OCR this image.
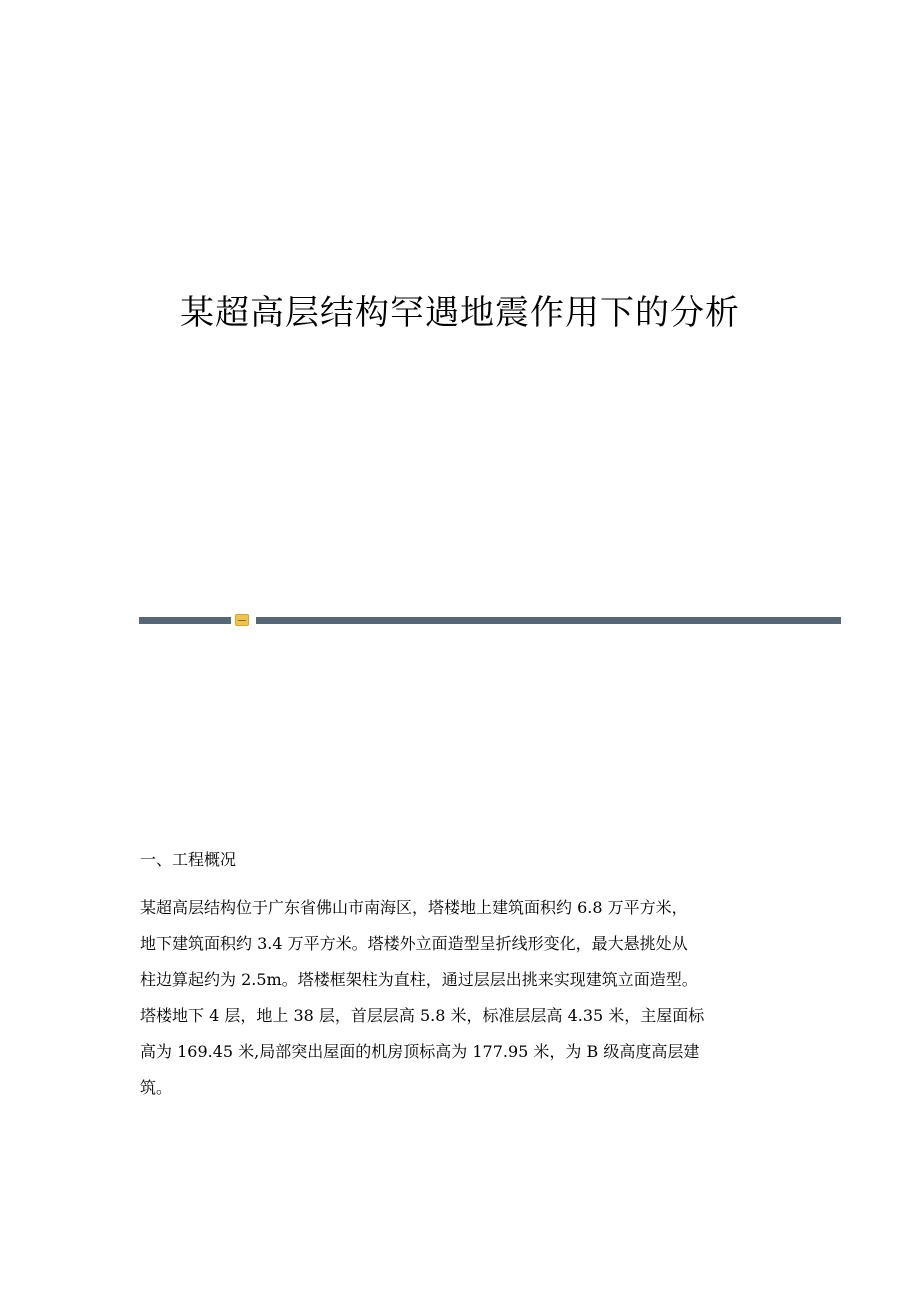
某超高层结构罕遇地震作用下的分析
一、工程概况
某超高层结构位于广东省佛山市南海区，塔楼地上建筑面积约 6.8 万平方米，
地下建筑面积约 3.4 万平方米。塔楼外立面造型呈折线形变化，最大悬挑处从
柱边算起约为 2.5m。塔楼框架柱为直柱，通过层层出挑来实现建筑立面造型。
塔楼地下 4 层，地上 38 层，首层层高 5.8 米，标准层层高 4.35 米，主屋面标
高为 169.45 米,局部突出屋面的机房顶标高为 177.95 米，为 B 级高度高层建
筑。
